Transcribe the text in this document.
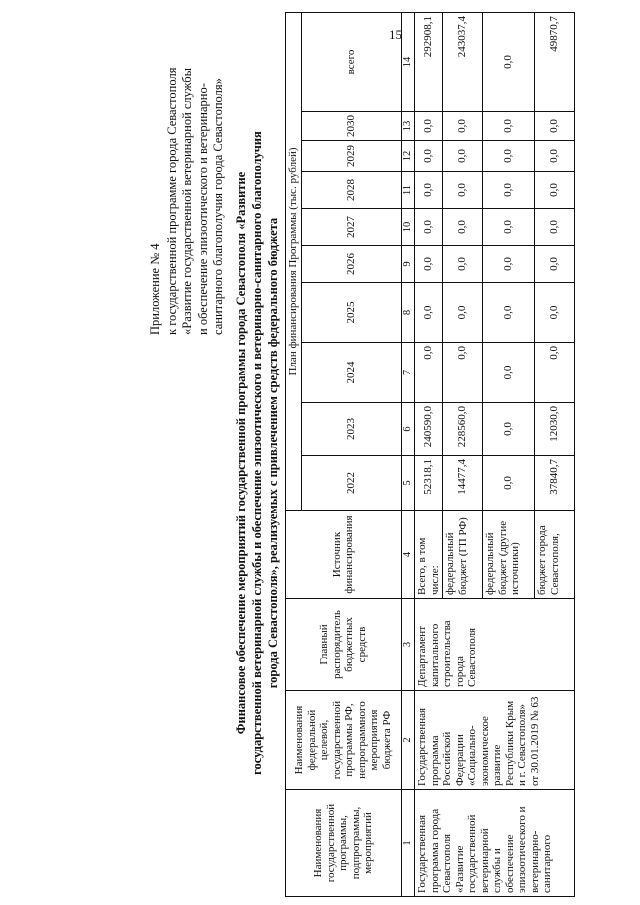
15
Приложение № 4 к государственной программе города Севастополя «Развитие государственной ветеринарной службы и обеспечение эпизоотического и ветеринарно- санитарного благополучия города Севастополя» Финансовое обеспечение мероприятий государственной программы города Севастополя «Развитие государственной ветеринарной службы и обеспечение эпизоотического и ветеринарно-санитарного благополучия города Севастополя», реализуемых с привлечением средств федерального бюджета
Наименования государственной программы, подпрограммы, мероприятий	Наименования федеральной целевой, государственной программы РФ, непрограммного мероприятия бюджета РФ	Главный распорядитель бюджетных средств	Источник финансирования	План финансирования Программы (тыс. рублей)									
				2022	2023	2024	2025	2026	2027	2028	2029	2030	всего
1	2	3	4	5	6	7	8	9	10	11	12	13	14
Государственная программа города Севастополя «Развитие государственной ветеринарной службы и обеспечение эпизоотического и ветеринарно-санитарного	Государственная программа Российской Федерации «Социально-экономическое развитие Республики Крым и г. Севастополя» от 30.01.2019 № 63	Департамент капитального строительства города Севастополя	Всего, в том числе:	52318,1	240590,0	0,0	0,0	0,0	0,0	0,0	0,0	0,0	292908,1
			федеральный бюджет (ГП РФ)	14477,4	228560,0	0,0	0,0	0,0	0,0	0,0	0,0	0,0	243037,4
			федеральный бюджет (другие источники)	0,0	0,0	0,0	0,0	0,0	0,0	0,0	0,0	0,0	0,0
			бюджет города Севастополя,	37840,7	12030,0	0,0	0,0	0,0	0,0	0,0	0,0	0,0	49870,7
